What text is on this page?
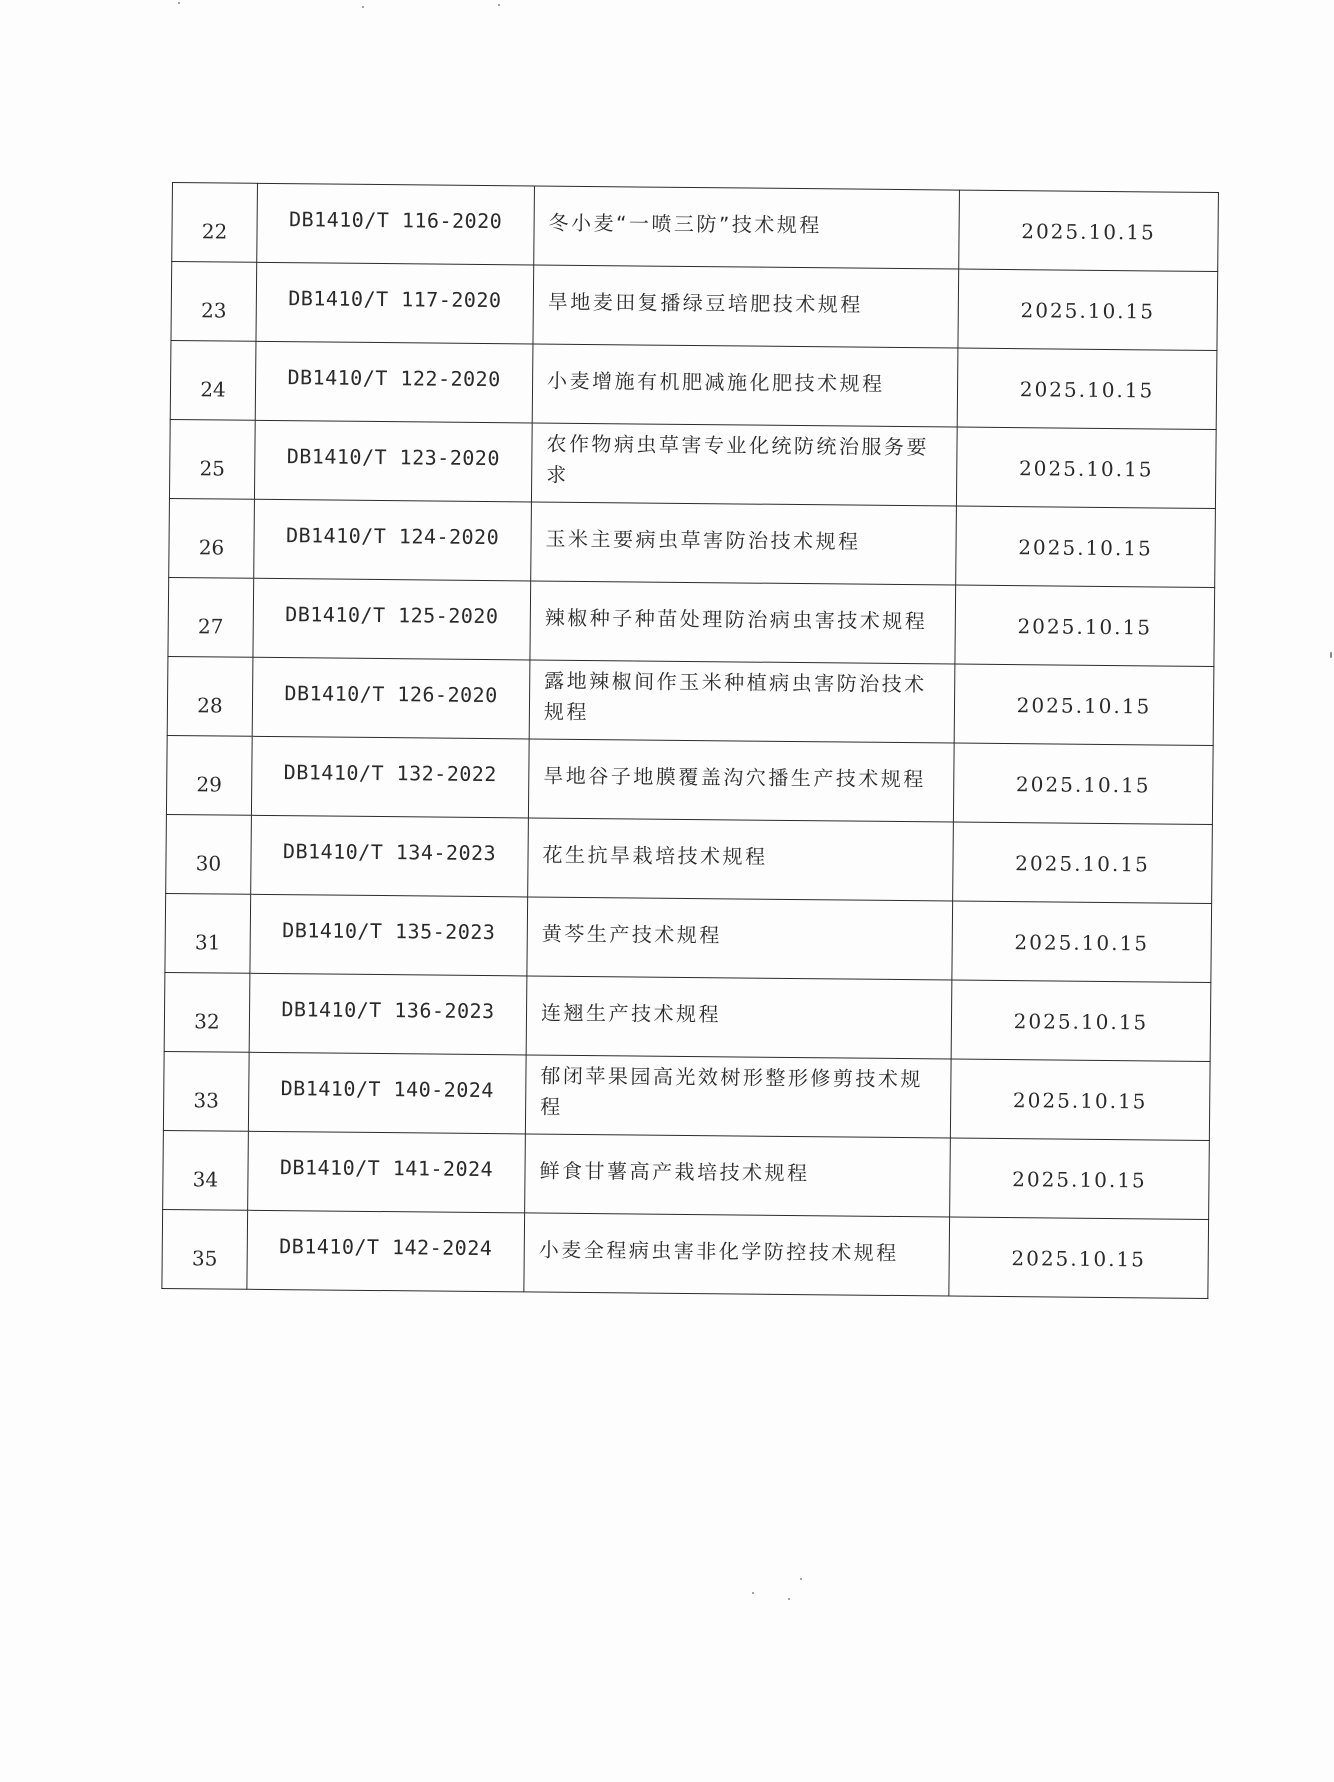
22	DB1410/T 116-2020	冬小麦“一喷三防”技术规程	2025.10.15
23	DB1410/T 117-2020	旱地麦田复播绿豆培肥技术规程	2025.10.15
24	DB1410/T 122-2020	小麦增施有机肥减施化肥技术规程	2025.10.15
25	DB1410/T 123-2020	农作物病虫草害专业化统防统治服务要求	2025.10.15
26	DB1410/T 124-2020	玉米主要病虫草害防治技术规程	2025.10.15
27	DB1410/T 125-2020	辣椒种子种苗处理防治病虫害技术规程	2025.10.15
28	DB1410/T 126-2020	露地辣椒间作玉米种植病虫害防治技术规程	2025.10.15
29	DB1410/T 132-2022	旱地谷子地膜覆盖沟穴播生产技术规程	2025.10.15
30	DB1410/T 134-2023	花生抗旱栽培技术规程	2025.10.15
31	DB1410/T 135-2023	黄芩生产技术规程	2025.10.15
32	DB1410/T 136-2023	连翘生产技术规程	2025.10.15
33	DB1410/T 140-2024	郁闭苹果园高光效树形整形修剪技术规程	2025.10.15
34	DB1410/T 141-2024	鲜食甘薯高产栽培技术规程	2025.10.15
35	DB1410/T 142-2024	小麦全程病虫害非化学防控技术规程	2025.10.15
